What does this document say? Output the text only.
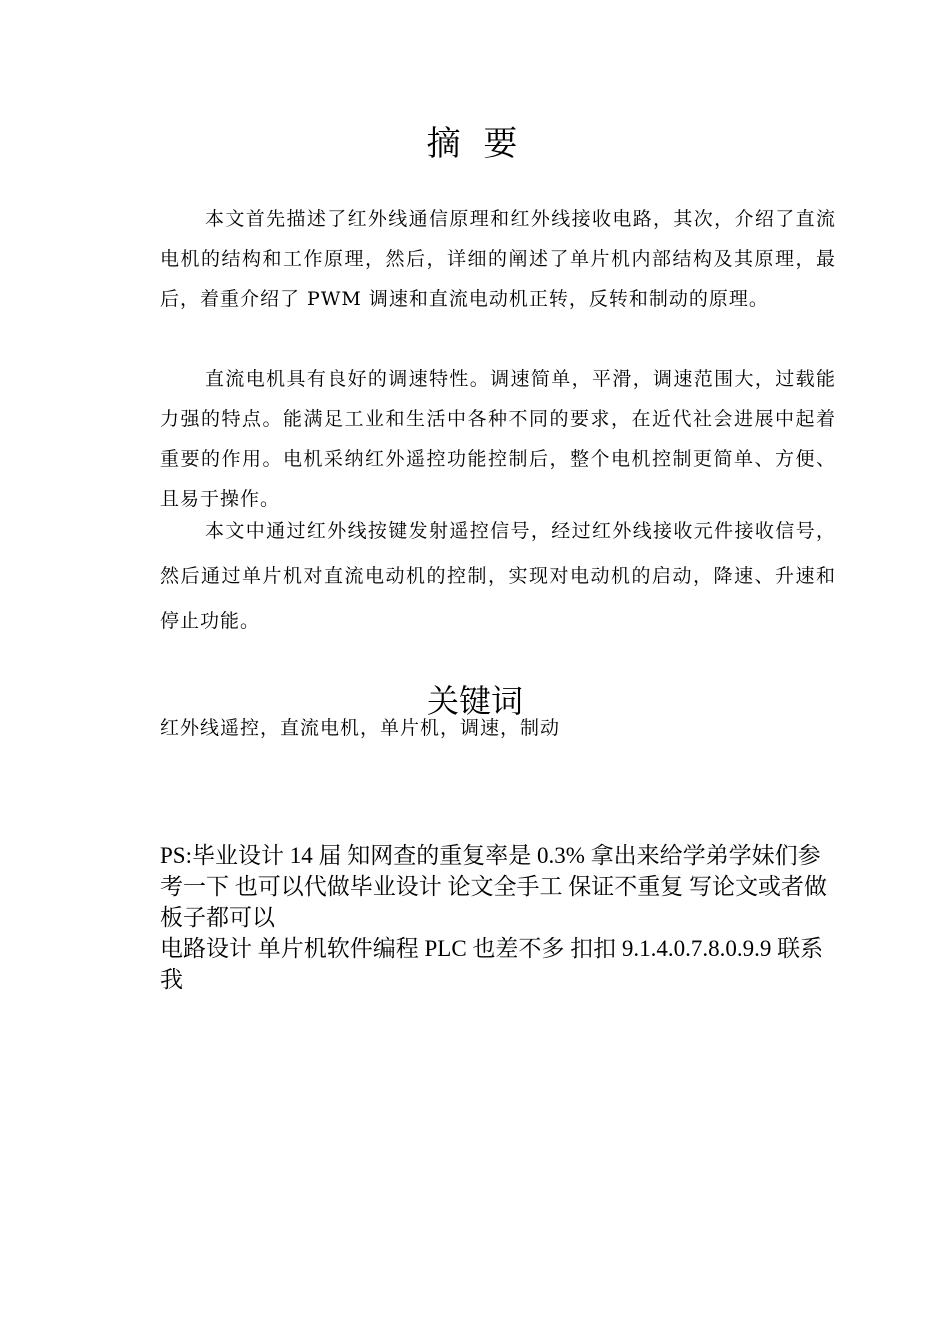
摘 要

本文首先描述了红外线通信原理和红外线接收电路，其次，介绍了直流电机的结构和工作原理，然后，详细的阐述了单片机内部结构及其原理，最后，着重介绍了 PWM 调速和直流电动机正转，反转和制动的原理。

直流电机具有良好的调速特性。调速简单，平滑，调速范围大，过载能力强的特点。能满足工业和生活中各种不同的要求，在近代社会进展中起着重要的作用。电机采纳红外遥控功能控制后，整个电机控制更简单、方便、且易于操作。

本文中通过红外线按键发射遥控信号，经过红外线接收元件接收信号，然后通过单片机对直流电动机的控制，实现对电动机的启动，降速、升速和停止功能。

关键词

红外线遥控，直流电机，单片机，调速，制动

PS:毕业设计 14 届 知网查的重复率是 0.3% 拿出来给学弟学妹们参考一下 也可以代做毕业设计 论文全手工 保证不重复 写论文或者做板子都可以

电路设计 单片机软件编程 PLC 也差不多 扣扣 9.1.4.0.7.8.0.9.9 联系我
